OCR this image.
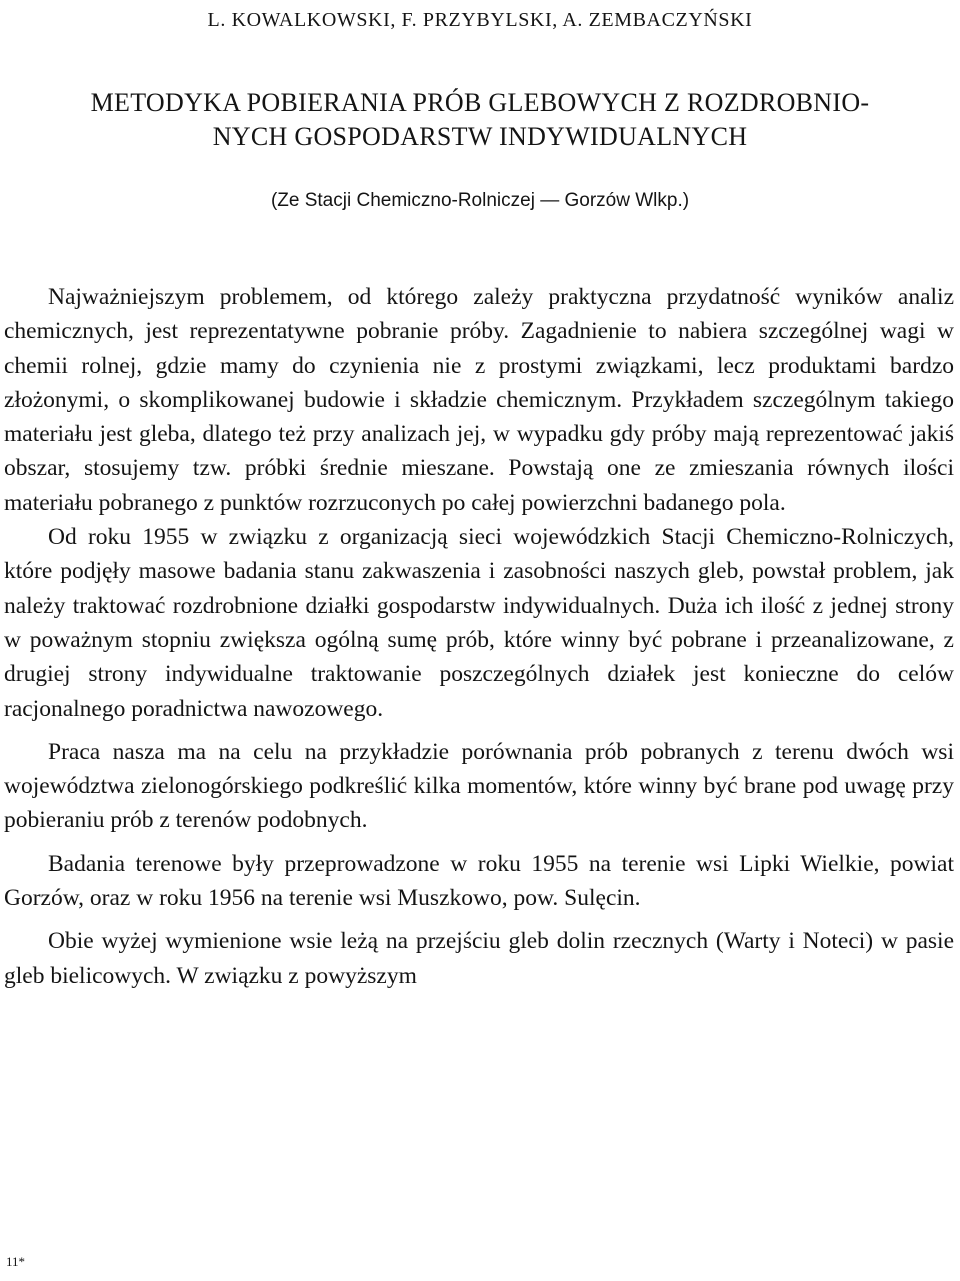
L. KOWALKOWSKI, F. PRZYBYLSKI, A. ZEMBACZYŃSKI
METODYKA POBIERANIA PRÓB GLEBOWYCH Z ROZDROBNIO-
NYCH GOSPODARSTW INDYWIDUALNYCH
(Ze Stacji Chemiczno-Rolniczej — Gorzów Wlkp.)

Najważniejszym problemem, od którego zależy praktyczna przydatność wyników analiz chemicznych, jest reprezentatywne pobranie próby. Zagadnienie to nabiera szczególnej wagi w chemii rolnej, gdzie mamy do czynienia nie z prostymi związkami, lecz produktami bardzo złożonymi, o skomplikowanej budowie i składzie chemicznym. Przykładem szczególnym takiego materiału jest gleba, dlatego też przy analizach jej, w wypadku gdy próby mają reprezentować jakiś obszar, stosujemy tzw. próbki średnie mieszane. Powstają one ze zmieszania równych ilości materiału pobranego z punktów rozrzuconych po całej powierzchni badanego pola.

Od roku 1955 w związku z organizacją sieci wojewódzkich Stacji Chemiczno-Rolniczych, które podjęły masowe badania stanu zakwaszenia i zasobności naszych gleb, powstał problem, jak należy traktować rozdrobnione działki gospodarstw indywidualnych. Duża ich ilość z jednej strony w poważnym stopniu zwiększa ogólną sumę prób, które winny być pobrane i przeanalizowane, z drugiej strony indywidualne traktowanie poszczególnych działek jest konieczne do celów racjonalnego poradnictwa nawozowego.

Praca nasza ma na celu na przykładzie porównania prób pobranych z terenu dwóch wsi województwa zielonogórskiego podkreślić kilka momentów, które winny być brane pod uwagę przy pobieraniu prób z terenów podobnych.

Badania terenowe były przeprowadzone w roku 1955 na terenie wsi Lipki Wielkie, powiat Gorzów, oraz w roku 1956 na terenie wsi Muszkowo, pow. Sulęcin.

Obie wyżej wymienione wsie leżą na przejściu gleb dolin rzecznych (Warty i Noteci) w pasie gleb bielicowych. W związku z powyższym

11*
